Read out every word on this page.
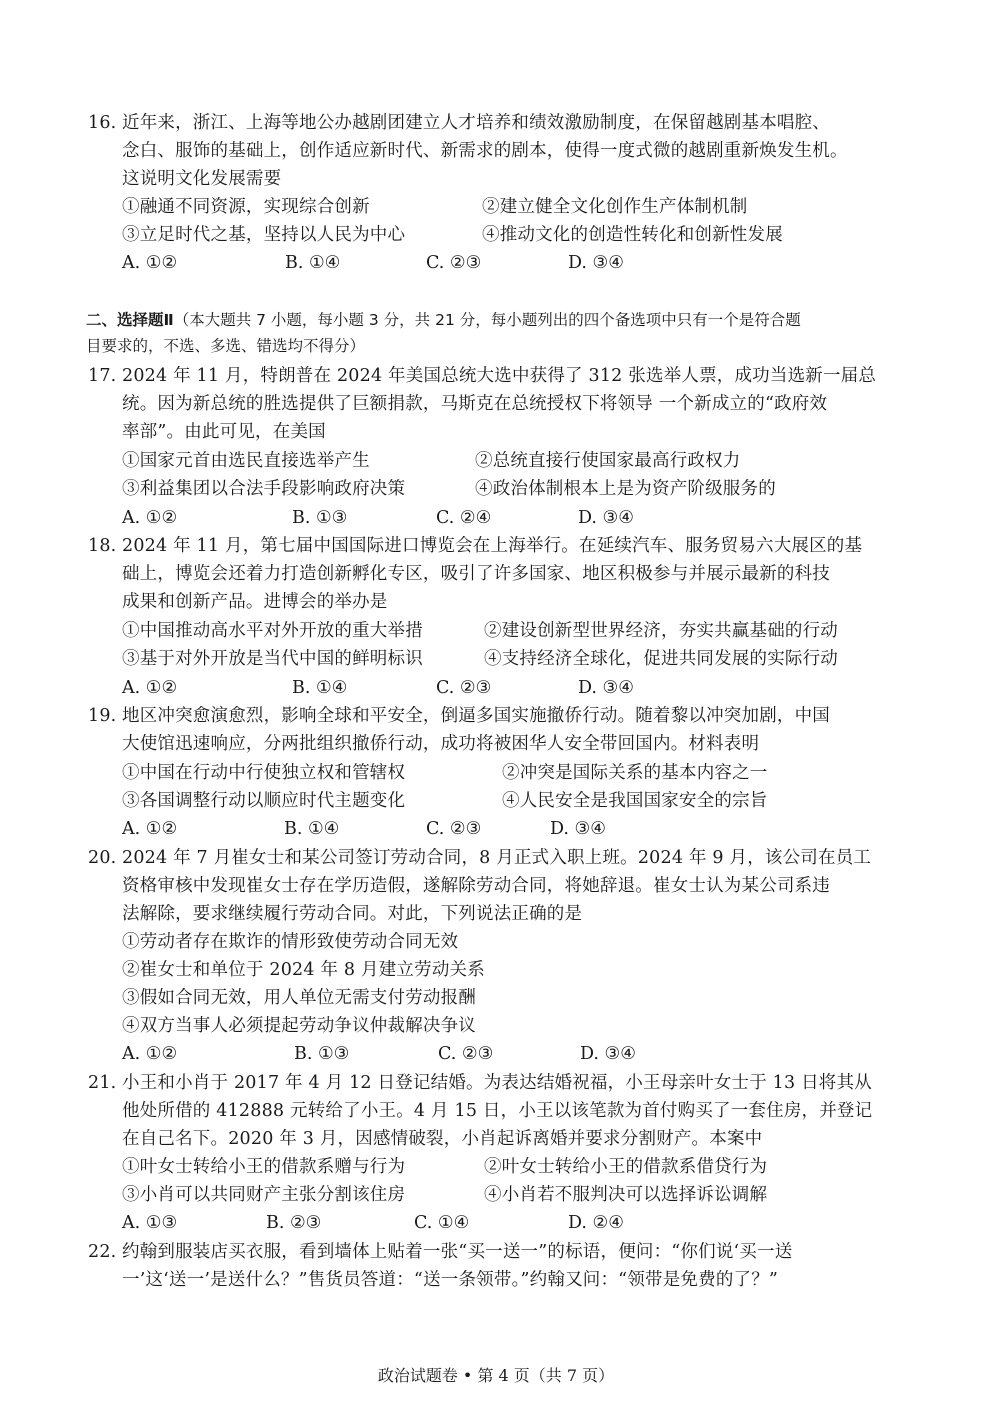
16. 近年来，浙江、上海等地公办越剧团建立人才培养和绩效激励制度，在保留越剧基本唱腔、
念白、服饰的基础上，创作适应新时代、新需求的剧本，使得一度式微的越剧重新焕发生机。
这说明文化发展需要
①融通不同资源，实现综合创新	②建立健全文化创作生产体制机制
③立足时代之基，坚持以人民为中心	④推动文化的创造性转化和创新性发展
A. ①②	B. ①④	C. ②③	D. ③④
二、选择题Ⅱ（本大题共 7 小题，每小题 3 分，共 21 分，每小题列出的四个备选项中只有一个是符合题
目要求的，不选、多选、错选均不得分）
17. 2024 年 11 月，特朗普在 2024 年美国总统大选中获得了 312 张选举人票，成功当选新一届总
统。因为新总统的胜选提供了巨额捐款，马斯克在总统授权下将领导 一个新成立的“政府效
率部”。由此可见，在美国
①国家元首由选民直接选举产生	②总统直接行使国家最高行政权力
③利益集团以合法手段影响政府决策	④政治体制根本上是为资产阶级服务的
A. ①②	B. ①③	C. ②④	D. ③④
18. 2024 年 11 月，第七届中国国际进口博览会在上海举行。在延续汽车、服务贸易六大展区的基
础上，博览会还着力打造创新孵化专区，吸引了许多国家、地区积极参与并展示最新的科技
成果和创新产品。进博会的举办是
①中国推动高水平对外开放的重大举措	②建设创新型世界经济，夯实共赢基础的行动
③基于对外开放是当代中国的鲜明标识	④支持经济全球化，促进共同发展的实际行动
A. ①②	B. ①④	C. ②③	D. ③④
19. 地区冲突愈演愈烈，影响全球和平安全，倒逼多国实施撤侨行动。随着黎以冲突加剧，中国
大使馆迅速响应，分两批组织撤侨行动，成功将被困华人安全带回国内。材料表明
①中国在行动中行使独立权和管辖权	②冲突是国际关系的基本内容之一
③各国调整行动以顺应时代主题变化	④人民安全是我国国家安全的宗旨
A. ①②	B. ①④	C. ②③	D. ③④
20. 2024 年 7 月崔女士和某公司签订劳动合同，8 月正式入职上班。2024 年 9 月，该公司在员工
资格审核中发现崔女士存在学历造假，遂解除劳动合同，将她辞退。崔女士认为某公司系违
法解除，要求继续履行劳动合同。对此，下列说法正确的是
①劳动者存在欺诈的情形致使劳动合同无效
②崔女士和单位于 2024 年 8 月建立劳动关系
③假如合同无效，用人单位无需支付劳动报酬
④双方当事人必须提起劳动争议仲裁解决争议
A. ①②	B. ①③	C. ②③	D. ③④
21. 小王和小肖于 2017 年 4 月 12 日登记结婚。为表达结婚祝福，小王母亲叶女士于 13 日将其从
他处所借的 412888 元转给了小王。4 月 15 日，小王以该笔款为首付购买了一套住房，并登记
在自己名下。2020 年 3 月，因感情破裂，小肖起诉离婚并要求分割财产。本案中
①叶女士转给小王的借款系赠与行为	②叶女士转给小王的借款系借贷行为
③小肖可以共同财产主张分割该住房	④小肖若不服判决可以选择诉讼调解
A. ①③	B. ②③	C. ①④	D. ②④
22. 约翰到服装店买衣服，看到墙体上贴着一张“买一送一”的标语，便问：“你们说‘买一送
一’这‘送一’是送什么？”售货员答道：“送一条领带。”约翰又问：“领带是免费的了？”
政治试题卷 • 第 4 页（共 7 页）
